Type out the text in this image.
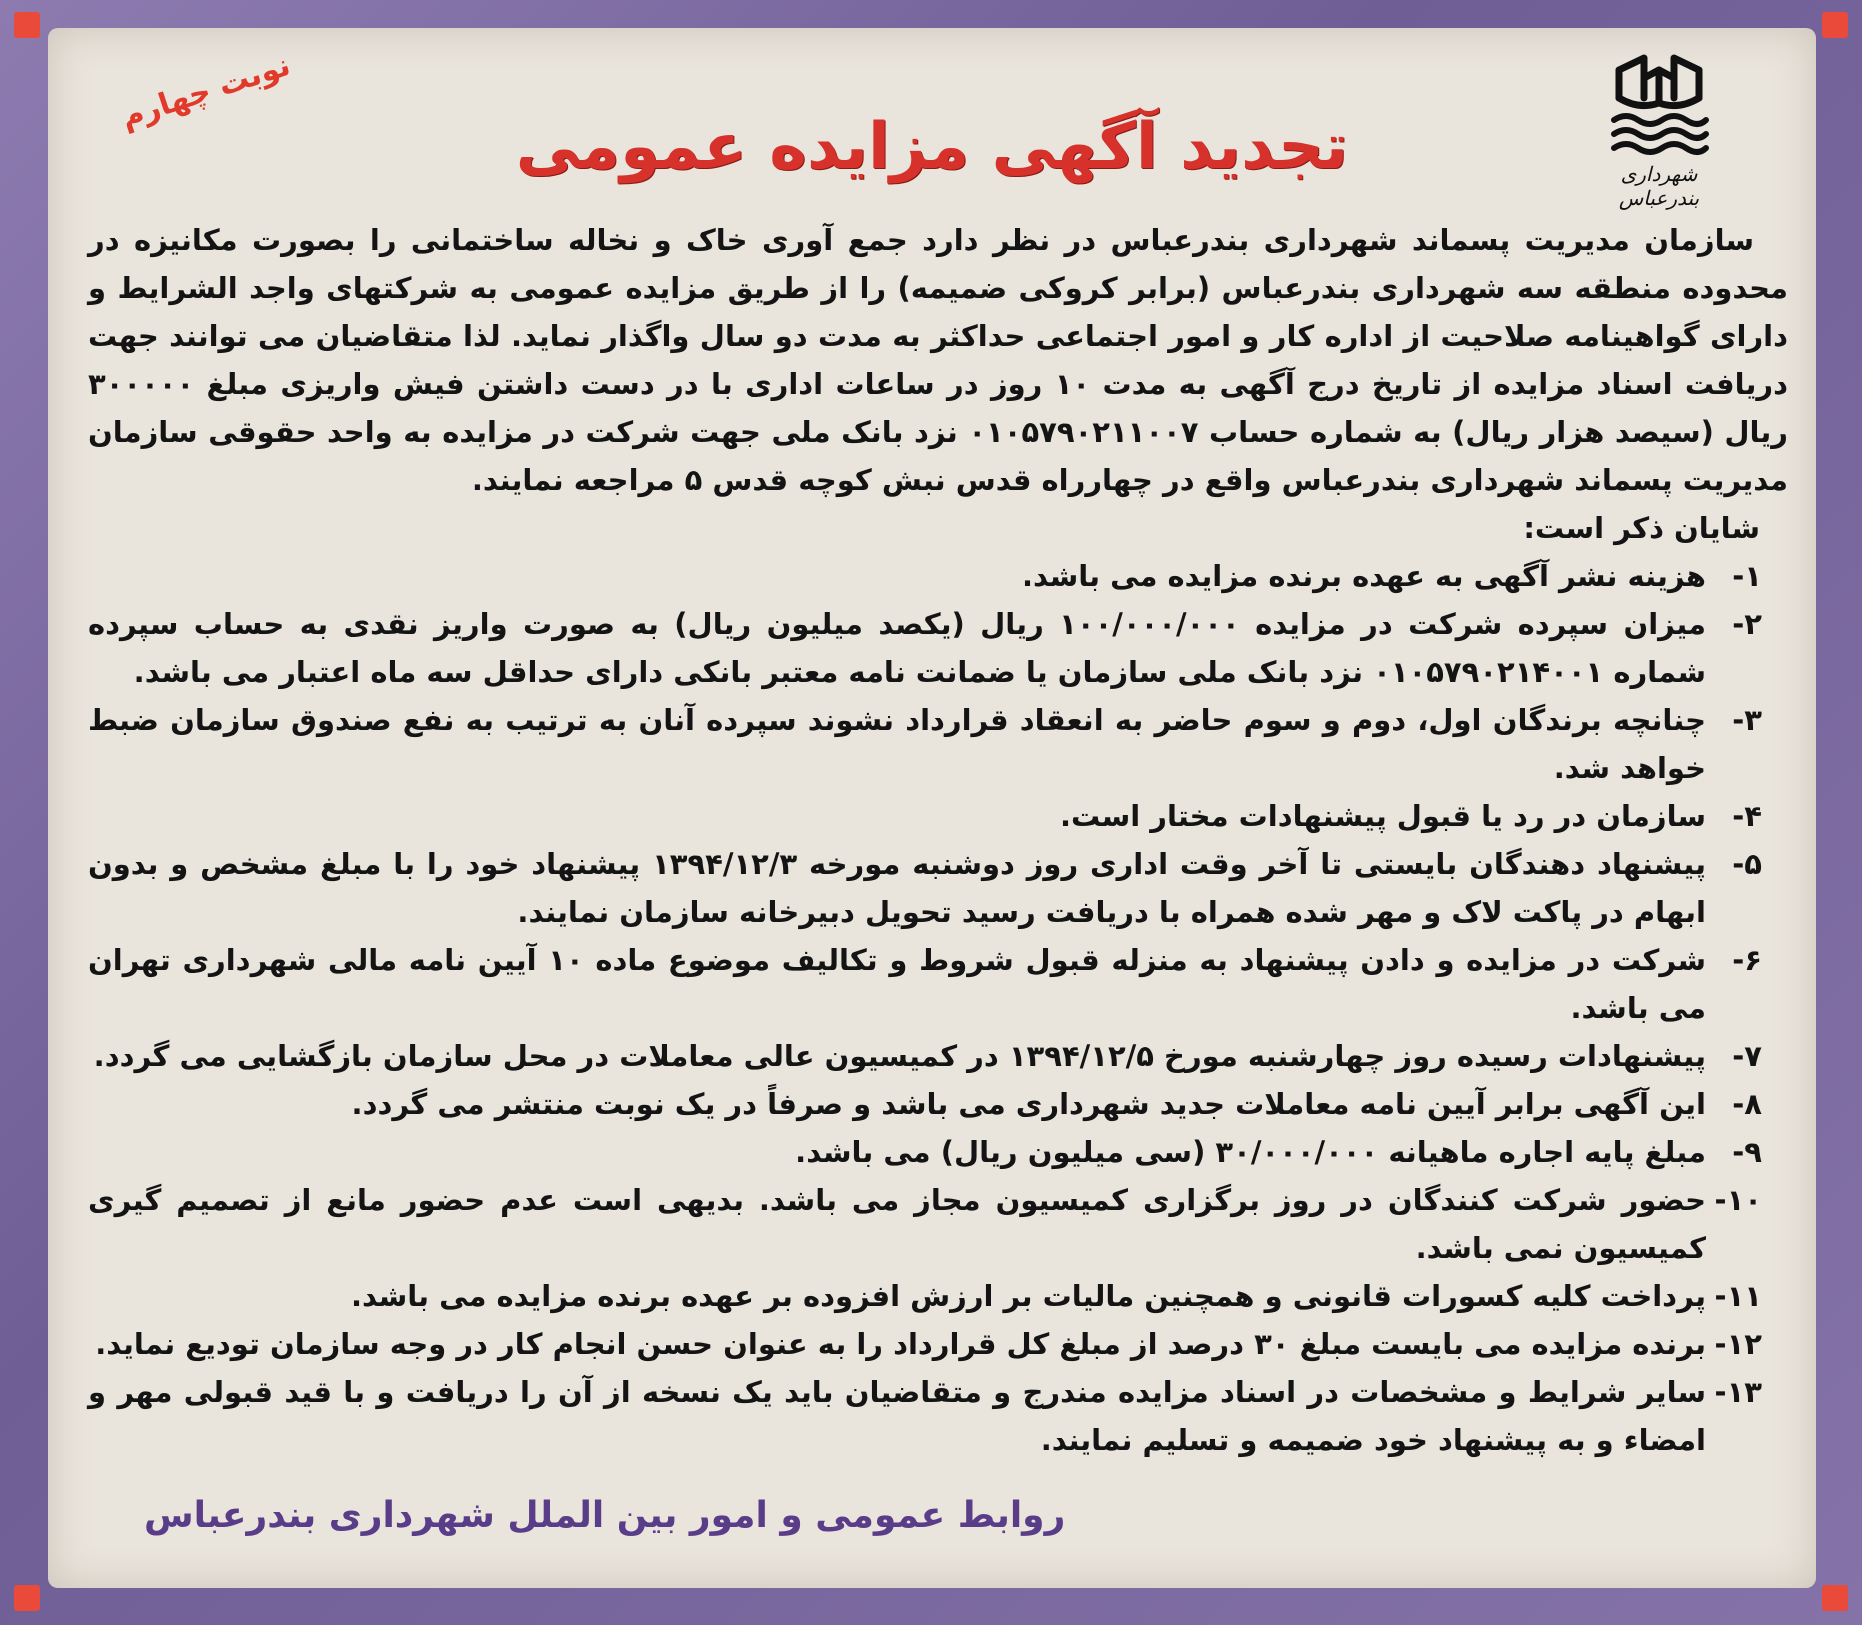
نوبت چهارم
شهرداری بندرعباس
تجدید آگهی مزایده عمومی
سازمان مدیریت پسماند شهرداری بندرعباس در نظر دارد جمع آوری خاک و نخاله ساختمانی را بصورت مکانیزه در محدوده منطقه سه شهرداری بندرعباس (برابر کروکی ضمیمه) را از طریق مزایده عمومی به شرکتهای واجد الشرایط و دارای گواهینامه صلاحیت از اداره کار و امور اجتماعی حداکثر به مدت دو سال واگذار نماید. لذا متقاضیان می توانند جهت دریافت اسناد مزایده از تاریخ درج آگهی به مدت ۱۰ روز در ساعات اداری با در دست داشتن فیش واریزی مبلغ ۳۰۰۰۰۰ ریال (سیصد هزار ریال) به شماره حساب ۰۱۰۵۷۹۰۲۱۱۰۰۷ نزد بانک ملی جهت شرکت در مزایده به واحد حقوقی سازمان مدیریت پسماند شهرداری بندرعباس واقع در چهارراه قدس نبش کوچه قدس ۵ مراجعه نمایند.
شایان ذکر است:
۱-
هزینه نشر آگهی به عهده برنده مزایده می باشد.
۲-
میزان سپرده شرکت در مزایده ۱۰۰/۰۰۰/۰۰۰ ریال (یکصد میلیون ریال) به صورت واریز نقدی به حساب سپرده شماره ۰۱۰۵۷۹۰۲۱۴۰۰۱ نزد بانک ملی سازمان یا ضمانت نامه معتبر بانکی دارای حداقل سه ماه اعتبار می باشد.
۳-
چنانچه برندگان اول، دوم و سوم حاضر به انعقاد قرارداد نشوند سپرده آنان به ترتیب به نفع صندوق سازمان ضبط خواهد شد.
۴-
سازمان در رد یا قبول پیشنهادات مختار است.
۵-
پیشنهاد دهندگان بایستی تا آخر وقت اداری روز دوشنبه مورخه ۱۳۹۴/۱۲/۳ پیشنهاد خود را با مبلغ مشخص و بدون ابهام در پاکت لاک و مهر شده همراه با دریافت رسید تحویل دبیرخانه سازمان نمایند.
۶-
شرکت در مزایده و دادن پیشنهاد به منزله قبول شروط و تکالیف موضوع ماده ۱۰ آیین نامه مالی شهرداری تهران می باشد.
۷-
پیشنهادات رسیده روز چهارشنبه مورخ ۱۳۹۴/۱۲/۵ در کمیسیون عالی معاملات در محل سازمان بازگشایی می گردد.
۸-
این آگهی برابر آیین نامه معاملات جدید شهرداری می باشد و صرفاً در یک نوبت منتشر می گردد.
۹-
مبلغ پایه اجاره ماهیانه ۳۰/۰۰۰/۰۰۰ (سی میلیون ریال) می باشد.
۱۰-
حضور شرکت کنندگان در روز برگزاری کمیسیون مجاز می باشد. بدیهی است عدم حضور مانع از تصمیم گیری کمیسیون نمی باشد.
۱۱-
پرداخت کلیه کسورات قانونی و همچنین مالیات بر ارزش افزوده بر عهده برنده مزایده می باشد.
۱۲-
برنده مزایده می بایست مبلغ ۳۰ درصد از مبلغ کل قرارداد را به عنوان حسن انجام کار در وجه سازمان تودیع نماید.
۱۳-
سایر شرایط و مشخصات در اسناد مزایده مندرج و متقاضیان باید یک نسخه از آن را دریافت و با قید قبولی مهر و امضاء و به پیشنهاد خود ضمیمه و تسلیم نمایند.
روابط عمومی و امور بین الملل شهرداری بندرعباس
